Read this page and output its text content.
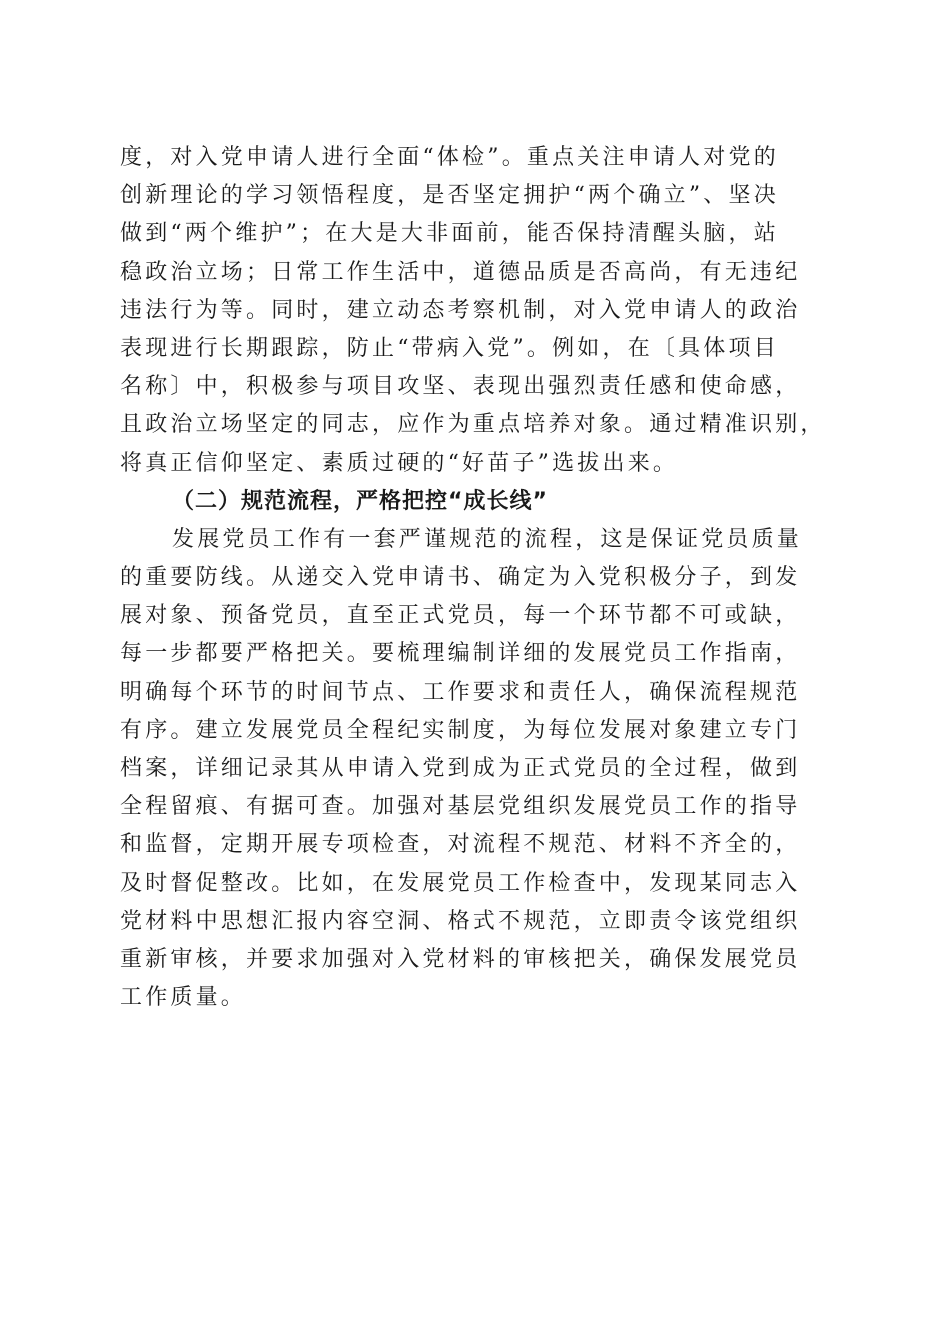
度，对入党申请人进行全面“体检”。重点关注申请人对党的
创新理论的学习领悟程度，是否坚定拥护“两个确立”、坚决
做到“两个维护”；在大是大非面前，能否保持清醒头脑，站
稳政治立场；日常工作生活中，道德品质是否高尚，有无违纪
违法行为等。同时，建立动态考察机制，对入党申请人的政治
表现进行长期跟踪，防止“带病入党”。例如，在〔具体项目
名称〕中，积极参与项目攻坚、表现出强烈责任感和使命感，
且政治立场坚定的同志，应作为重点培养对象。通过精准识别，
将真正信仰坚定、素质过硬的“好苗子”选拔出来。
（二）规范流程，严格把控“成长线”
发展党员工作有一套严谨规范的流程，这是保证党员质量
的重要防线。从递交入党申请书、确定为入党积极分子，到发
展对象、预备党员，直至正式党员，每一个环节都不可或缺，
每一步都要严格把关。要梳理编制详细的发展党员工作指南，
明确每个环节的时间节点、工作要求和责任人，确保流程规范
有序。建立发展党员全程纪实制度，为每位发展对象建立专门
档案，详细记录其从申请入党到成为正式党员的全过程，做到
全程留痕、有据可查。加强对基层党组织发展党员工作的指导
和监督，定期开展专项检查，对流程不规范、材料不齐全的，
及时督促整改。比如，在发展党员工作检查中，发现某同志入
党材料中思想汇报内容空洞、格式不规范，立即责令该党组织
重新审核，并要求加强对入党材料的审核把关，确保发展党员
工作质量。
